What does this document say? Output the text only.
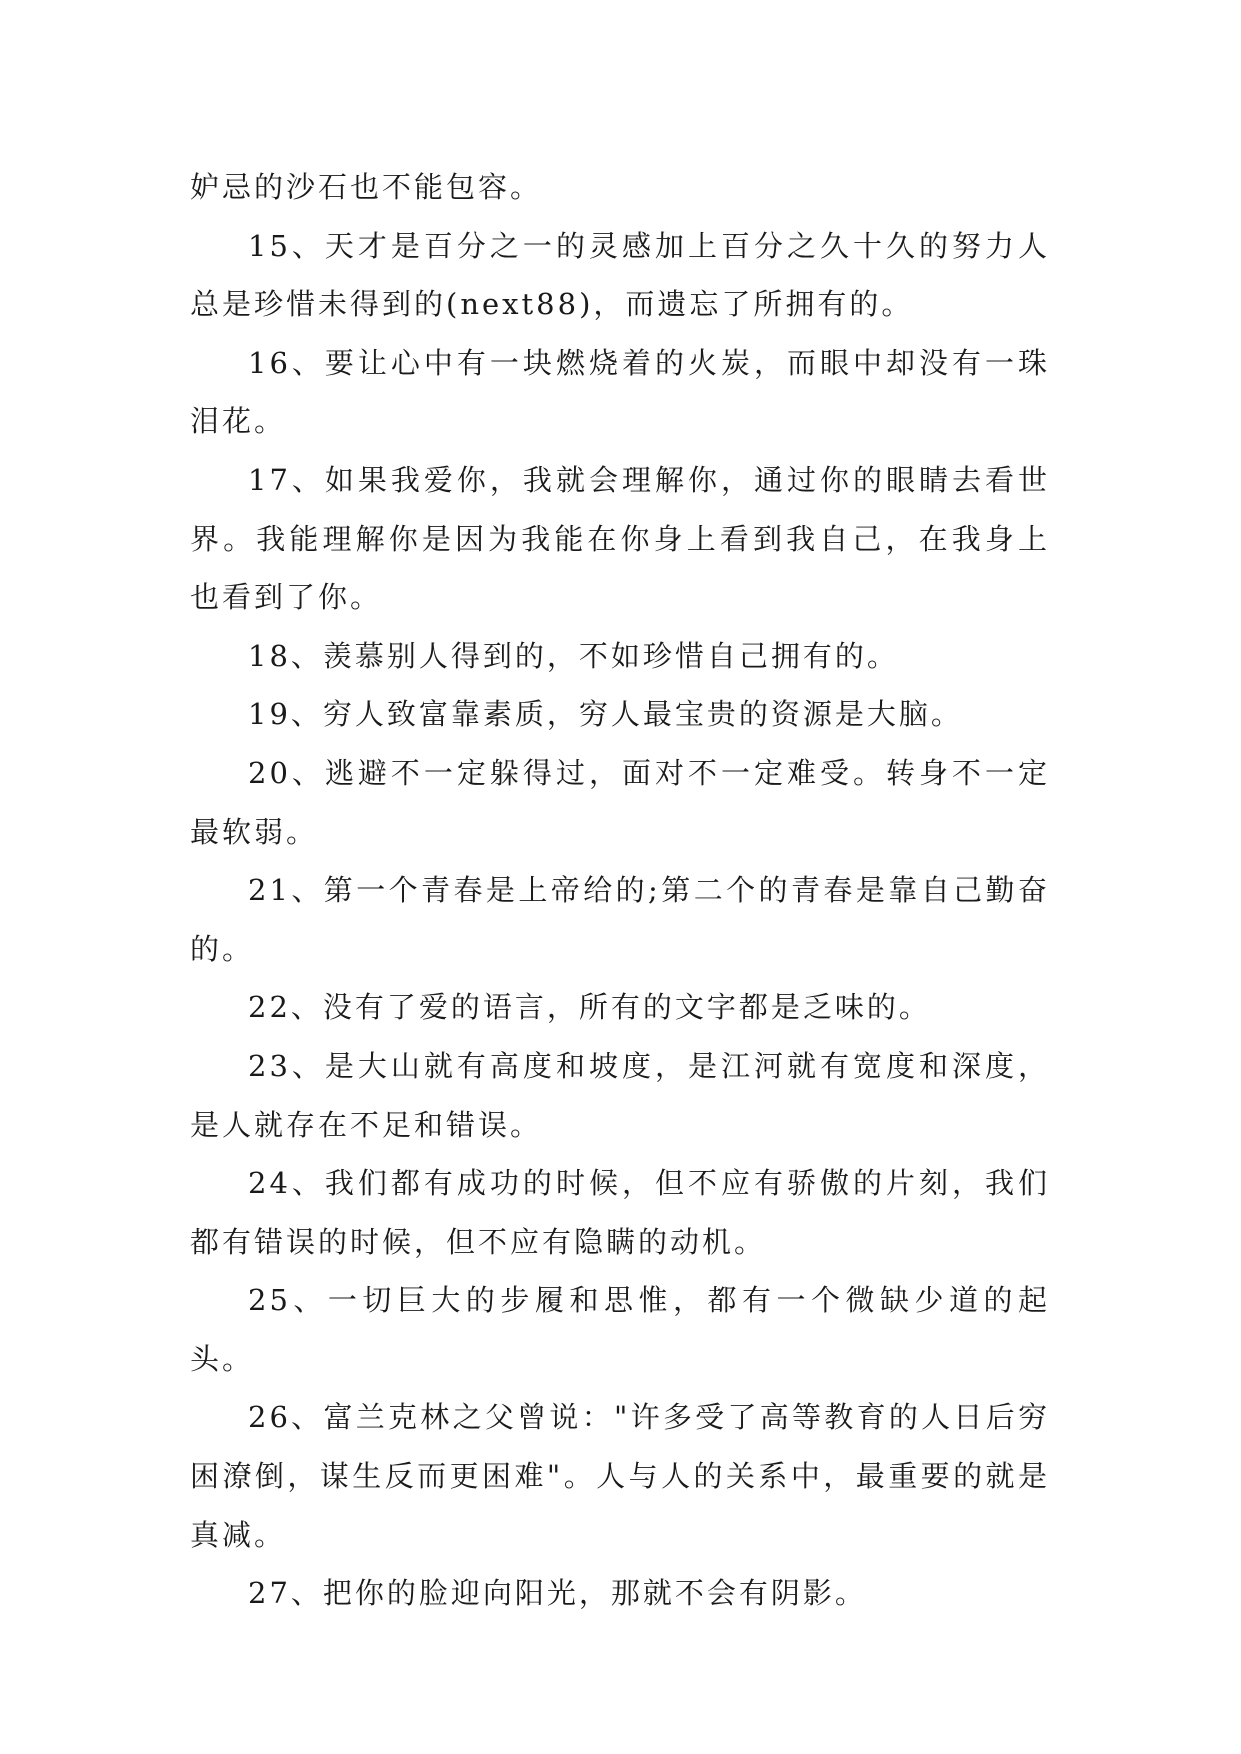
妒忌的沙石也不能包容。

15、天才是百分之一的灵感加上百分之久十久的努力人总是珍惜未得到的(next88)，而遗忘了所拥有的。

16、要让心中有一块燃烧着的火炭，而眼中却没有一珠泪花。

17、如果我爱你，我就会理解你，通过你的眼睛去看世界。我能理解你是因为我能在你身上看到我自己，在我身上也看到了你。

18、羡慕别人得到的，不如珍惜自己拥有的。

19、穷人致富靠素质，穷人最宝贵的资源是大脑。

20、逃避不一定躲得过，面对不一定难受。转身不一定最软弱。

21、第一个青春是上帝给的;第二个的青春是靠自己勤奋的。

22、没有了爱的语言，所有的文字都是乏味的。

23、是大山就有高度和坡度，是江河就有宽度和深度，是人就存在不足和错误。

24、我们都有成功的时候，但不应有骄傲的片刻，我们都有错误的时候，但不应有隐瞒的动机。

25、一切巨大的步履和思惟，都有一个微缺少道的起头。

26、富兰克林之父曾说："许多受了高等教育的人日后穷困潦倒，谋生反而更困难"。人与人的关系中，最重要的就是真减。

27、把你的脸迎向阳光，那就不会有阴影。
